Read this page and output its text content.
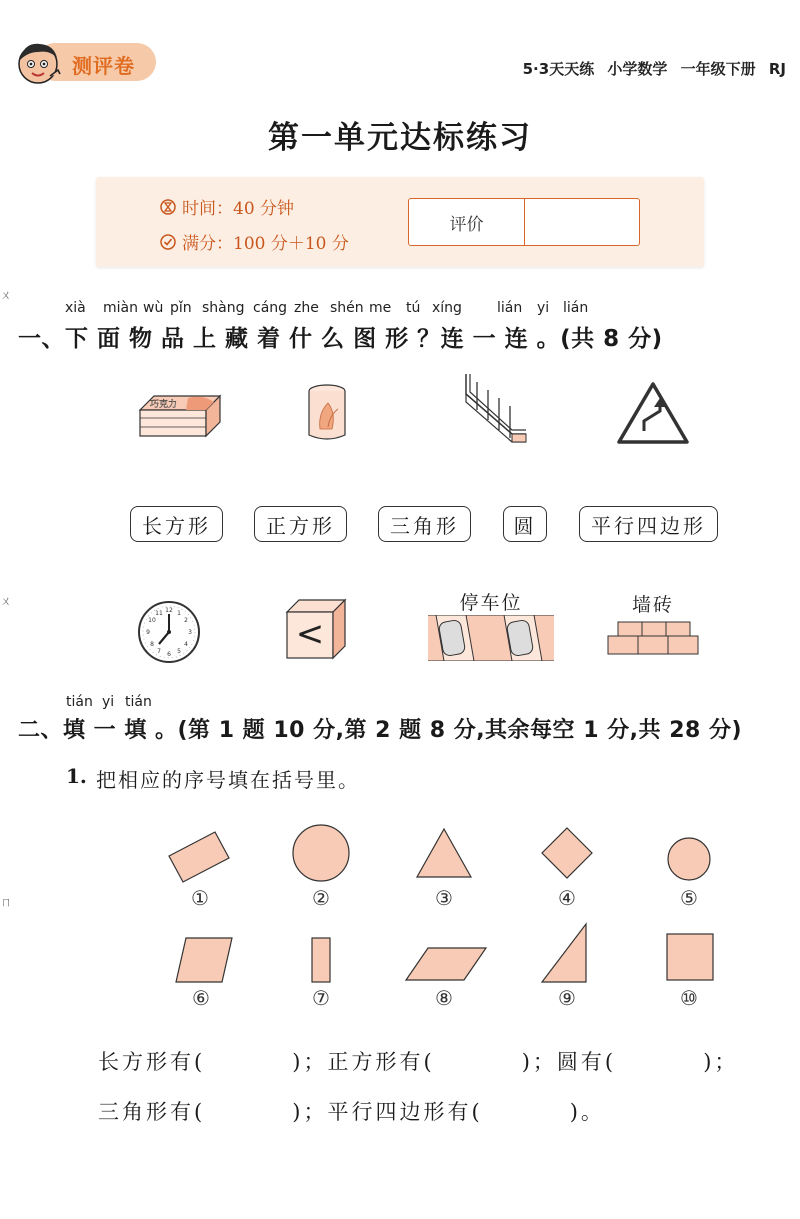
测评卷	5·3天天练 小学数学 一年级下册 RJ
第一单元达标练习
时间：40 分钟
满分：100 分＋10 分
评价
ㄨ
ㄨ
ㄇ
xià miàn wù pǐn shàng cáng zhe shén me tú xíng	lián yi lián
一、下 面 物 品 上 藏 着 什 么 图 形 ？连 一 连 。(共 8 分)
巧克力
长方形	正方形	三角形	圆	平行四边形
12 1
2
3
4
5
6
7
8
9
10
11
<
停车位	墙砖
tián yi tián
二、填 一 填 。(第 1 题 10 分,第 2 题 8 分,其余每空 1 分,共 28 分)
1. 把相应的序号填在括号里。
①	②	③	④	⑤
⑥	⑦	⑧	⑨	⑩
长方形有(         )；正方形有(         )；圆有(         )；
三角形有(         )；平行四边形有(         )。
